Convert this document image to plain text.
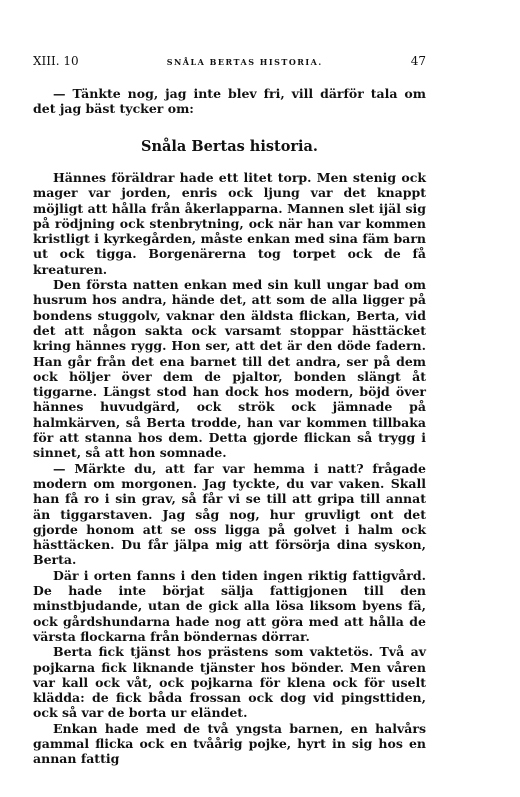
XIII. 10	SNÅLA BERTAS HISTORIA.	47

— Tänkte nog, jag inte blev fri, vill därför tala om det jag bäst tycker om:

Snåla Bertas historia.

Hännes föräldrar hade ett litet torp. Men stenig ock mager var jorden, enris ock ljung var det knappt möjligt att hålla från åkerlapparna. Mannen slet ijäl sig på rödjning ock stenbrytning, ock när han var kommen kristligt i kyrkegården, måste enkan med sina fäm barn ut ock tigga. Borgenärerna tog torpet ock de få kreaturen.

Den första natten enkan med sin kull ungar bad om husrum hos andra, hände det, att som de alla ligger på bondens stuggolv, vaknar den äldsta flickan, Berta, vid det att någon sakta ock varsamt stoppar hästtäcket kring hännes rygg. Hon ser, att det är den döde fadern. Han går från det ena barnet till det andra, ser på dem ock höljer över dem de pjaltor, bonden slängt åt tiggarne. Längst stod han dock hos modern, böjd över hännes huvudgärd, ock strök ock jämnade på halmkärven, så Berta trodde, han var kommen tillbaka för att stanna hos dem. Detta gjorde flickan så trygg i sinnet, så att hon somnade.

— Märkte du, att far var hemma i natt? frågade modern om morgonen. Jag tyckte, du var vaken. Skall han få ro i sin grav, så får vi se till att gripa till annat än tiggarstaven. Jag såg nog, hur gruvligt ont det gjorde honom att se oss ligga på golvet i halm ock hästtäcken. Du får jälpa mig att försörja dina syskon, Berta.

Där i orten fanns i den tiden ingen riktig fattigvård. De hade inte börjat sälja fattigjonen till den minstbjudande, utan de gick alla lösa liksom byens fä, ock gårdshundarna hade nog att göra med att hålla de värsta flockarna från böndernas dörrar.

Berta fick tjänst hos prästens som vaktetös. Två av pojkarna fick liknande tjänster hos bönder. Men våren var kall ock våt, ock pojkarna för klena ock för uselt klädda: de fick båda frossan ock dog vid pingsttiden, ock så var de borta ur eländet.

Enkan hade med de två yngsta barnen, en halvårs gammal flicka ock en tvåårig pojke, hyrt in sig hos en annan fattig
